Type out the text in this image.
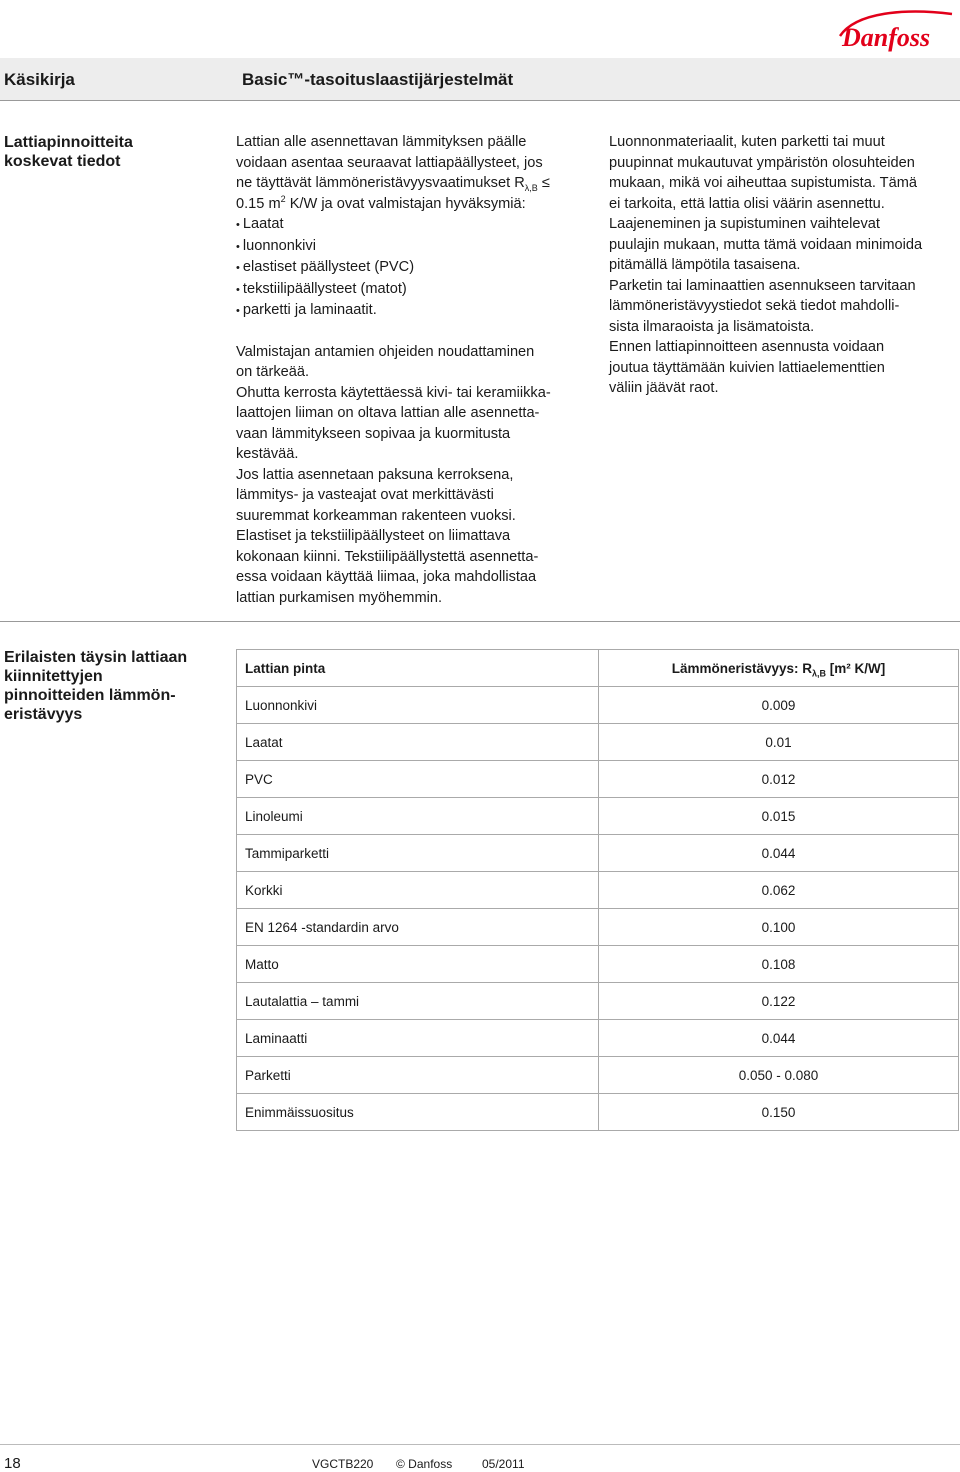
Danfoss
Käsikirja	Basic™-tasoituslaastijärjestelmät
Lattiapinnoitteita
koskevat tiedot

Lattian alle asennettavan lämmityksen päälle

voidaan asentaa seuraavat lattiapäällysteet, jos

ne täyttävät lämmöneristävyysvaatimukset $R_{\lambda,B}$ ≤

0.15 $m^2$ K/W ja ovat valmistajan hyväksymiä:

• Laatat
• luonnonkivi
• elastiset päällysteet (PVC)
• tekstiilipäällysteet (matot)
• parketti ja laminaatit.

Valmistajan antamien ohjeiden noudattaminen

on tärkeää.

Ohutta kerrosta käytettäessä kivi- tai keramiikka-

laattojen liiman on oltava lattian alle asennetta-

vaan lämmitykseen sopivaa ja kuormitusta

kestävää.

Jos lattia asennetaan paksuna kerroksena,

lämmitys- ja vasteajat ovat merkittävästi

suuremmat korkeamman rakenteen vuoksi.

Elastiset ja tekstiilipäällysteet on liimattava

kokonaan kiinni. Tekstiilipäällystettä asennetta-

essa voidaan käyttää liimaa, joka mahdollistaa

lattian purkamisen myöhemmin.

Luonnonmateriaalit, kuten parketti tai muut

puupinnat mukautuvat ympäristön olosuhteiden

mukaan, mikä voi aiheuttaa supistumista. Tämä

ei tarkoita, että lattia olisi väärin asennettu.

Laajeneminen ja supistuminen vaihtelevat

puulajin mukaan, mutta tämä voidaan minimoida

pitämällä lämpötila tasaisena.

Parketin tai laminaattien asennukseen tarvitaan

lämmöneristävyystiedot sekä tiedot mahdolli-

sista ilmaraoista ja lisämatoista.

Ennen lattiapinnoitteen asennusta voidaan

joutua täyttämään kuivien lattiaelementtien

väliin jäävät raot.

Erilaisten täysin lattiaan
kiinnitettyjen
pinnoitteiden lämmön-
eristävyys
Lattian pinta	Lämmöneristävyys: $R_{\lambda,B}$ [m² K/W]
Luonnonkivi	0.009
Laatat	0.01
PVC	0.012
Linoleumi	0.015
Tammiparketti	0.044
Korkki	0.062
EN 1264 -standardin arvo	0.100
Matto	0.108
Lautalattia – tammi	0.122
Laminaatti	0.044
Parketti	0.050 - 0.080
Enimmäissuositus	0.150
18	VGCTB220 © Danfoss 05/2011
